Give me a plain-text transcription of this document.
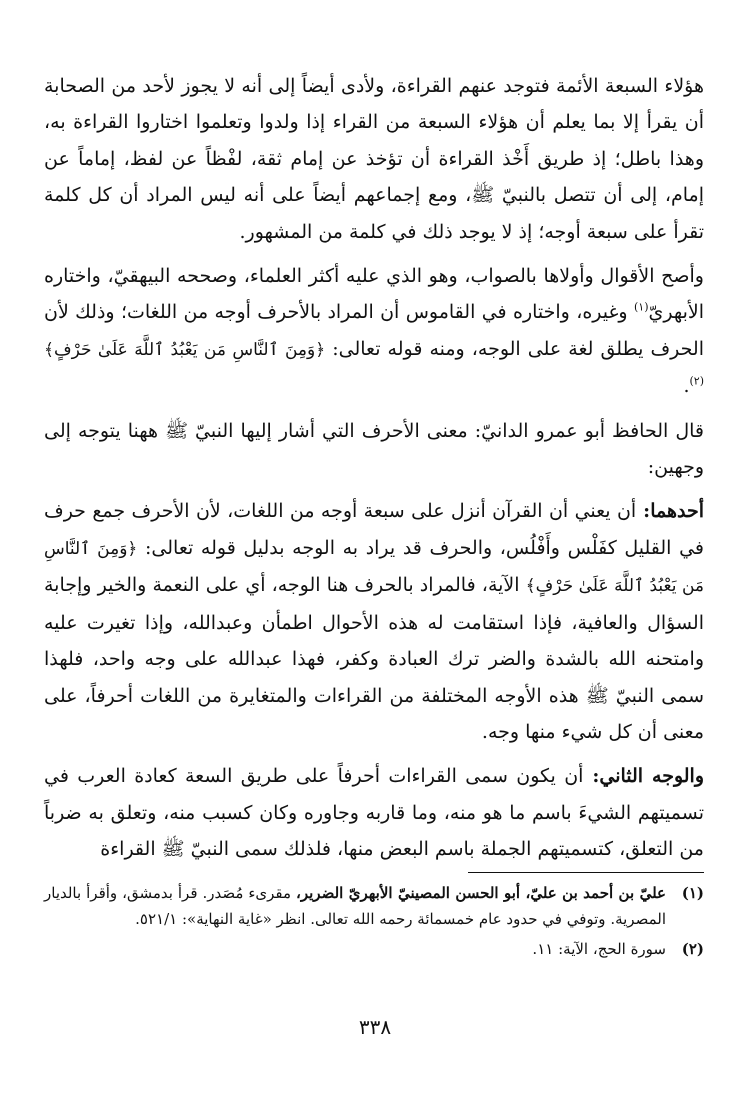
هؤلاء السبعة الأئمة فتوجد عنهم القراءة، ولأدى أيضاً إلى أنه لا يجوز لأحد من الصحابة أن يقرأ إلا بما يعلم أن هؤلاء السبعة من القراء إذا ولدوا وتعلموا اختاروا القراءة به، وهذا باطل؛ إذ طريق أَخْذ القراءة أن تؤخذ عن إمام ثقة، لفْظاً عن لفظ، إماماً عن إمام، إلى أن تتصل بالنبيّ ﷺ، ومع إجماعهم أيضاً على أنه ليس المراد أن كل كلمة تقرأ على سبعة أوجه؛ إذ لا يوجد ذلك في كلمة من المشهور.

وأصح الأقوال وأولاها بالصواب، وهو الذي عليه أكثر العلماء، وصححه البيهقيّ، واختاره الأبهريّ$^{(١)}$ وغيره، واختاره في القاموس أن المراد بالأحرف أوجه من اللغات؛ وذلك لأن الحرف يطلق لغة على الوجه، ومنه قوله تعالى: ﴿وَمِنَ ٱلنَّاسِ مَن يَعْبُدُ ٱللَّهَ عَلَىٰ حَرْفٍ﴾$^{(٢)}$.

قال الحافظ أبو عمرو الدانيّ: معنى الأحرف التي أشار إليها النبيّ ﷺ ههنا يتوجه إلى وجهين:

أحدهما: أن يعني أن القرآن أنزل على سبعة أوجه من اللغات، لأن الأحرف جمع حرف في القليل كفَلْس وأَفْلُس، والحرف قد يراد به الوجه بدليل قوله تعالى: ﴿وَمِنَ ٱلنَّاسِ مَن يَعْبُدُ ٱللَّهَ عَلَىٰ حَرْفٍ﴾ الآية، فالمراد بالحرف هنا الوجه، أي على النعمة والخير وإجابة السؤال والعافية، فإذا استقامت له هذه الأحوال اطمأن وعبدالله، وإذا تغيرت عليه وامتحنه الله بالشدة والضر ترك العبادة وكفر، فهذا عبدالله على وجه واحد، فلهذا سمى النبيّ ﷺ هذه الأوجه المختلفة من القراءات والمتغايرة من اللغات أحرفاً، على معنى أن كل شيء منها وجه.

والوجه الثاني: أن يكون سمى القراءات أحرفاً على طريق السعة كعادة العرب في تسميتهم الشيءَ باسم ما هو منه، وما قاربه وجاوره وكان كسبب منه، وتعلق به ضرباً من التعلق، كتسميتهم الجملة باسم البعض منها، فلذلك سمى النبيّ ﷺ القراءة

(١)
عليّ بن أحمد بن عليّ، أبو الحسن المصينيّ الأبهريّ الضرير، مقرىء مُصَدر. قرأ بدمشق، وأقرأ بالديار المصرية. وتوفي في حدود عام خمسمائة رحمه الله تعالى. انظر «غاية النهاية»: ٥٢١/١.

(٢)
سورة الحج، الآية: ١١.

٣٣٨
